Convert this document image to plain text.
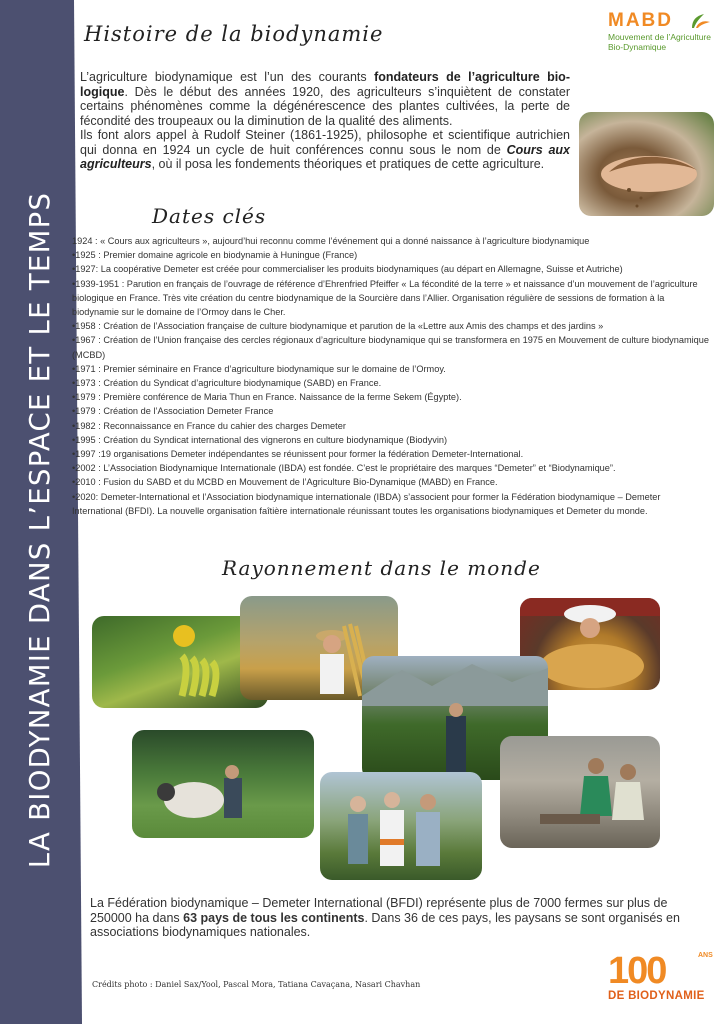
LA BIODYNAMIE DANS L’ESPACE ET LE TEMPS
Histoire de la biodynamie
MABD
Mouvement de l’Agriculture
Bio-Dynamique
L’agriculture biodynamique est l’un des courants fondateurs de l’agriculture biologique. Dès le début des années 1920, des agriculteurs s’inquiètent de constater certains phénomènes comme la dégénérescence des plantes cultivées, la perte de fécondité des troupeaux ou la diminution de la qualité des aliments.
Ils font alors appel à Rudolf Steiner (1861-1925), philosophe et scientifique autrichien qui donna en 1924 un cycle de huit conférences connu sous le nom de Cours aux agriculteurs, où il posa les fondements théoriques et pratiques de cette agriculture.
Dates clés
1924 : « Cours aux agriculteurs », aujourd’hui reconnu comme l’événement qui a donné naissance à l’agriculture biodynamique
•1925 : Premier domaine agricole en biodynamie à Huningue (France)
•1927: La coopérative Demeter est créée pour commercialiser les produits biodynamiques (au départ en Allemagne, Suisse et Autriche)
•1939-1951 : Parution en français de l’ouvrage de référence d’Ehrenfried Pfeiffer « La fécondité de la terre » et naissance d’un mouvement de l’agriculture biologique en France. Très vite création du centre biodynamique de la Sourcière dans l’Allier. Organisation régulière de sessions de formation à la biodynamie sur le domaine de l’Ormoy dans le Cher.
•1958 : Création de l’Association française de culture biodynamique et parution de la «Lettre aux Amis des champs et des jardins »
•1967 : Création de l’Union française des cercles régionaux d’agriculture biodynamique qui se transformera en 1975 en Mouvement de culture biodynamique (MCBD)
•1971 : Premier séminaire en France d’agriculture biodynamique sur le domaine de l’Ormoy.
•1973 : Création du Syndicat d’agriculture biodynamique (SABD) en France.
•1979 : Première conférence de Maria Thun en France. Naissance de la ferme Sekem (Égypte).
•1979 : Création de l’Association Demeter France
•1982 : Reconnaissance en France du cahier des charges Demeter
•1995 : Création du Syndicat international des vignerons en culture biodynamique (Biodyvin)
•1997 :19 organisations Demeter indépendantes se réunissent pour former la fédération Demeter-International.
•2002 : L’Association Biodynamique Internationale (IBDA) est fondée. C’est le propriétaire des marques “Demeter” et “Biodynamique”.
•2010 : Fusion du SABD et du MCBD en Mouvement de l’Agriculture Bio-Dynamique (MABD) en France.
•2020: Demeter-International et l’Association biodynamique internationale (IBDA) s’associent pour former la Fédération biodynamique – Demeter International (BFDI). La nouvelle organisation faîtière internationale réunissant toutes les organisations biodynamiques et Demeter du monde.
Rayonnement dans le monde
La Fédération biodynamique – Demeter International (BFDI) représente plus de 7000 fermes sur plus de 250000 ha dans 63 pays de tous les continents. Dans 36 de ces pays, les paysans se sont organisés en associations biodynamiques nationales.
Crédits photo : Daniel Sax/Yool, Pascal Mora, Tatiana Cavaçana, Nasari Chavhan	100	ANS
DE BIODYNAMIE
